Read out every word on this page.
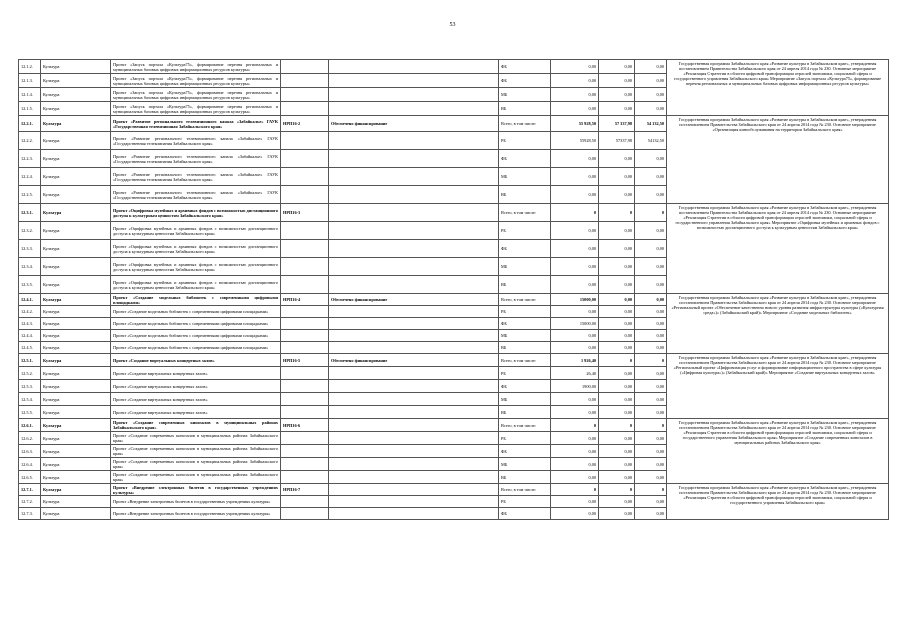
53
12.1.2.	Культура	Проект «Запуск портала «Культура75», формирование перечня региональных и муниципальных базовых цифровых информационных ресурсов культуры»			ФБ	0,00	0,00	0,00	Государственная программа Забайкальского края «Развитие культуры в Забайкальском крае», утвержденная постановлением Правительства Забайкальского края от 24 апреля 2014 года № 230. Основные мероприятие «Реализация Стратегии в области цифровой трансформации отраслей экономики, социальной сферы и государственного управления Забайкальского края» Мероприятие «Запуск портала «Культура75», формирование перечня региональных и муниципальных базовых цифровых информационных ресурсов культуры»
12.1.3.	Культура	Проект «Запуск портала «Культура75», формирование перечня региональных и муниципальных базовых цифровых информационных ресурсов культуры»			ФБ	0,00	0,00	0,00	
12.1.4.	Культура	Проект «Запуск портала «Культура75», формирование перечня региональных и муниципальных базовых цифровых информационных ресурсов культуры»			МБ	0,00	0,00	0,00	
12.1.5.	Культура	Проект «Запуск портала «Культура75», формирование перечня региональных и муниципальных базовых цифровых информационных ресурсов культуры»			ВБ	0,00	0,00	0,00	
12.2.1.	Культура	Проект «Развитие регионального телевизионного канала «Забайкалье» ГАУК «Государственная телевизионная Забайкальского края»	НРП16-2	Обеспечено финансирование	Всего, в том числе:	55 928,50	57 337,98	54 132,50	Государственная программа Забайкальского края «Развитие культуры в Забайкальском крае», утвержденная постановлением Правительства Забайкальского края от 24 апреля 2014 года № 230. Основное мероприятие «Организация кинообслуживания на территории Забайкальского края»
12.2.2.	Культура	Проект «Развитие регионального телевизионного канала «Забайкалье» ГАУК «Государственная телекомпания Забайкальского края»			РБ	55928,50	57337,98	54132,50	
12.2.3.	Культура	Проект «Развитие регионального телевизионного канала «Забайкалье» ГАУК «Государственная телекомпания Забайкальского края»			ФБ	0,00	0,00	0,00	
12.2.4.	Культура	Проект «Развитие регионального телевизионного канала «Забайкалье» ГАУК «Государственная телекомпания Забайкальского края»			МБ	0,00	0,00	0,00	
12.2.5.	Культура	Проект «Развитие регионального телевизионного канала «Забайкалье» ГАУК «Государственная телекомпания Забайкальского края»			ВБ	0,00	0,00	0,00	
12.3.1.	Культура	Проект «Оцифровка музейных и архивных фондов с возможностью дистанционного доступа к культурным ценностям Забайкальского края»	НРП16-3		Всего, в том числе:	0	0	0	Государственная программа Забайкальского края «Развитие культуры в Забайкальском крае», утвержденная постановлением Правительства Забайкальского края от 24 апреля 2014 года № 230. Основные мероприятие «Реализация Стратегии в области цифровой трансформации отраслей экономики, социальной сферы и государственного управления Забайкальского края» Мероприятие «Оцифровка музейных и архивных фондов с возможностью дистанционного доступа к культурным ценностям Забайкальского края»
12.3.2.	Культура	Проект «Оцифровка музейных и архивных фондов с возможностью дистанционного доступа к культурным ценностям Забайкальского края»			РБ	0,00	0,00	0,00	
12.3.3.	Культура	Проект «Оцифровка музейных и архивных фондов с возможностью дистанционного доступа к культурным ценностям Забайкальского края»			ФБ	0,00	0,00	0,00	
12.3.4.	Культура	Проект «Оцифровка музейных и архивных фондов с возможностью дистанционного доступа к культурным ценностям Забайкальского края»			МБ	0,00	0,00	0,00	
12.3.5.	Культура	Проект «Оцифровка музейных и архивных фондов с возможностью дистанционного доступа к культурным ценностям Забайкальского края»			ВБ	0,00	0,00	0,00	
12.4.1.	Культура	Проект «Создание модельных библиотек с современными цифровыми площадками»	НРП16-4	Обеспечено финансирование	Всего, в том числе:	15000,00	0,00	0,00	Государственная программа Забайкальского края «Развитие культуры в Забайкальском крае», утвержденная постановлением Правительства Забайкальского края от 24 апреля 2014 года № 230. Основное мероприятие «Региональный проект «Обеспечение качественно нового уровня развития инфраструктуры культуры («Культурная среда»)» (Забайкальский край)» Мероприятие «Создание модельных библиотек»
12.4.2.	Культура	Проект «Создание модельных библиотек с современными цифровыми площадками»			РБ	0,00	0,00	0,00	
12.4.3.	Культура	Проект «Создание модельных библиотек с современными цифровыми площадками»			ФБ	15000,00	0,00	0,00	
12.4.4.	Культура	Проект «Создание модельных библиотек с современными цифровыми площадками»			МБ	0,00	0,00	0,00	
12.4.5.	Культура	Проект «Создание модельных библиотек с современными цифровыми площадками»			ВБ	0,00	0,00	0,00	
12.5.1.	Культура	Проект «Создание виртуальных концертных залов»	НРП16-5	Обеспечено финансирование	Всего, в том числе:	1 926,40	0	0	Государственная программа Забайкальского края «Развитие культуры в Забайкальском крае», утвержденная постановлением Правительства Забайкальского края от 24 апреля 2014 года № 230. Основное мероприятие «Региональный проект «Цифровизация услуг и формирование информационного пространства в сфере культуры («Цифровая культура»)» (Забайкальский край)» Мероприятие «Создание виртуальных концертных залов»
12.5.2.	Культура	Проект «Создание виртуальных концертных залов»			РБ	26,40	0,00	0,00	
12.5.3.	Культура	Проект «Создание виртуальных концертных залов»			ФБ	1900,00	0,00	0,00	
12.5.4.	Культура	Проект «Создание виртуальных концертных залов»			МБ	0,00	0,00	0,00	
12.5.5.	Культура	Проект «Создание виртуальных концертных залов»			ВБ	0,00	0,00	0,00	
12.6.1.	Культура	Проект «Создание современных кинозалов в муниципальных районах Забайкальского края»	НРП16-6		Всего, в том числе:	0	0	0	Государственная программа Забайкальского края «Развитие культуры в Забайкальском крае», утвержденная постановлением Правительства Забайкальского края от 24 апреля 2014 года № 230. Основное мероприятие «Реализация Стратегии в области цифровой трансформации отраслей экономики, социальной сферы и государственного управления Забайкальского края» Мероприятие «Создание современных кинозалов в муниципальных районах Забайкальского края»
12.6.2.	Культура	Проект «Создание современных кинозалов в муниципальных районах Забайкальского края»			РБ	0,00	0,00	0,00	
12.6.3.	Культура	Проект «Создание современных кинозалов в муниципальных районах Забайкальского края»			ФБ	0,00	0,00	0,00	
12.6.4.	Культура	Проект «Создание современных кинозалов в муниципальных районах Забайкальского края»			МБ	0,00	0,00	0,00	
12.6.5.	Культура	Проект «Создание современных кинозалов в муниципальных районах Забайкальского края»			ВБ	0,00	0,00	0,00	
12.7.1.	Культура	Проект «Внедрение электронных билетов в государственных учреждениях культуры»	НРП16-7		Всего, в том числе:	0	0	0	Государственная программа Забайкальского края «Развитие культуры в Забайкальском крае», утвержденная постановлением Правительства Забайкальского края от 24 апреля 2014 года № 230. Основное мероприятие «Реализация Стратегии в области цифровой трансформации отраслей экономики, социальной сферы и государственного управления Забайкальского края»
12.7.2.	Культура	Проект «Внедрение электронных билетов в государственных учреждениях культуры»			РБ	0,00	0,00	0,00	
12.7.3.	Культура	Проект «Внедрение электронных билетов в государственных учреждениях культуры»			ФБ	0,00	0,00	0,00	
